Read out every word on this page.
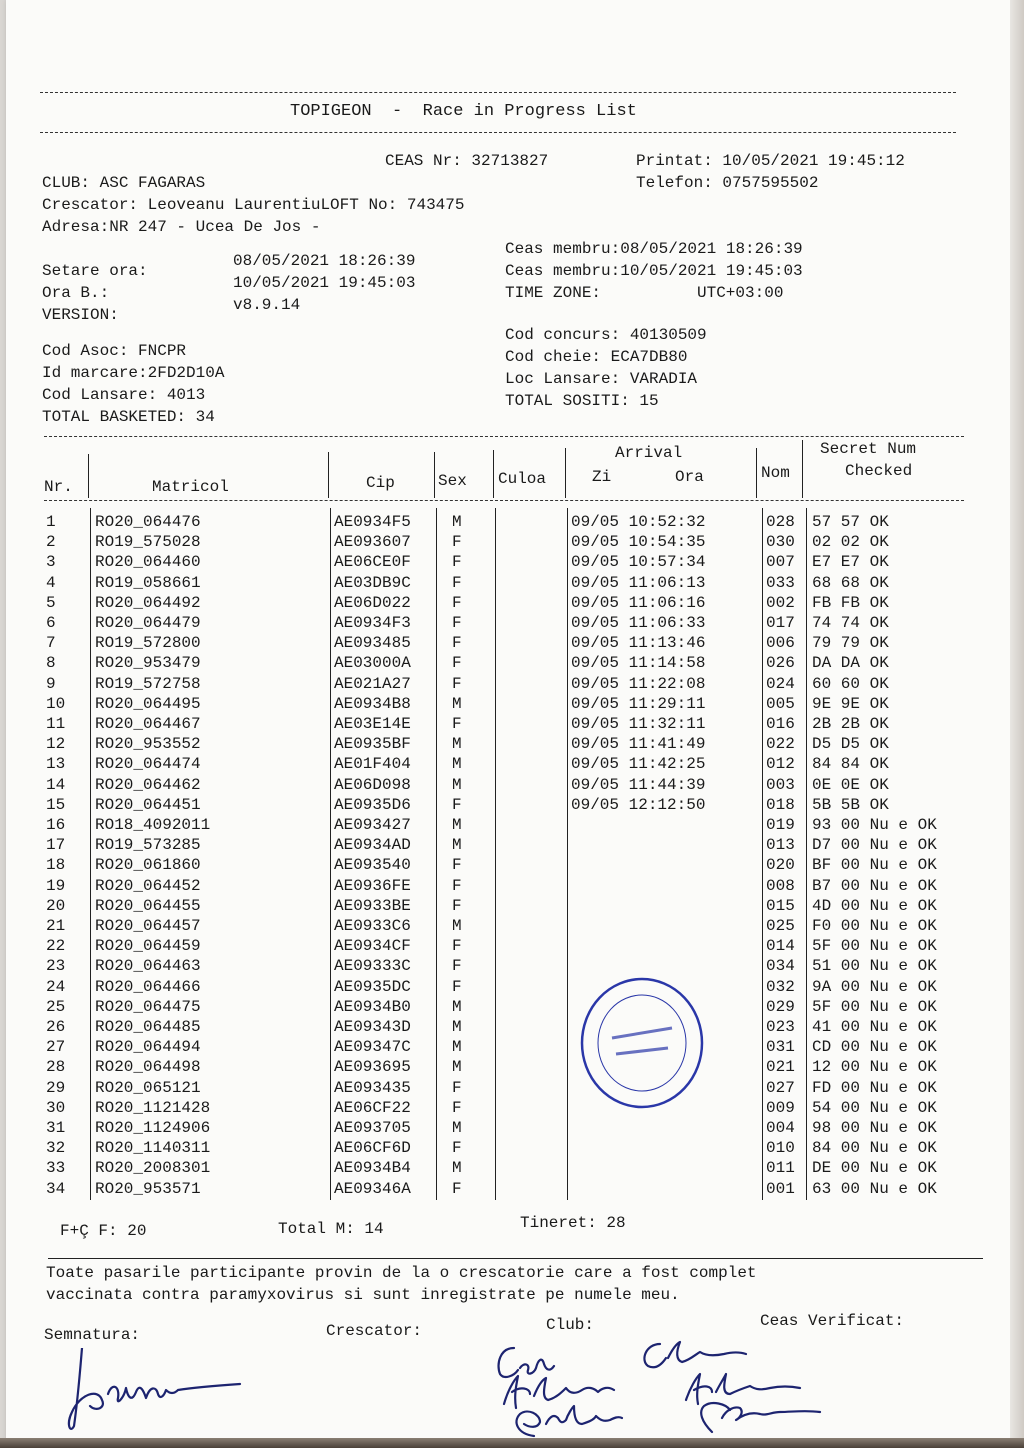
TOPIGEON  -  Race in Progress List
CEAS Nr: 32713827	Printat: 10/05/2021 19:45:12
CLUB: ASC FAGARAS	Telefon: 0757595502
Crescator: Leoveanu LaurentiuLOFT No: 743475
Adresa:NR 247 - Ucea De Jos -
Ceas membru:08/05/2021 18:26:39
Setare ora:
08/05/2021 18:26:39
Ceas membru:10/05/2021 19:45:03
Ora B.:
10/05/2021 19:45:03
TIME ZONE:	UTC+03:00
VERSION:
v8.9.14
Cod concurs: 40130509
Cod Asoc: FNCPR	Cod cheie: ECA7DB80
Id marcare:2FD2D10A	Loc Lansare: VARADIA
Cod Lansare: 4013	TOTAL SOSITI: 15
TOTAL BASKETED: 34
Nr.	Matricol	Cip	Sex Culoa
Arrival
Zi	Ora	Nom
Secret Num
Checked
1 RO20_064476	AE0934F5	M	09/05 10:52:32	028 57 57 OK
2 RO19_575028	AE093607	F	09/05 10:54:35	030 02 02 OK
3 RO20_064460	AE06CE0F	F	09/05 10:57:34	007 E7 E7 OK
4 RO19_058661	AE03DB9C	F	09/05 11:06:13	033 68 68 OK
5 RO20_064492	AE06D022	F	09/05 11:06:16	002 FB FB OK
6 RO20_064479	AE0934F3	F	09/05 11:06:33	017 74 74 OK
7 RO19_572800	AE093485	F	09/05 11:13:46	006 79 79 OK
8 RO20_953479	AE03000A	F	09/05 11:14:58	026 DA DA OK
9 RO19_572758	AE021A27	F	09/05 11:22:08	024 60 60 OK
10 RO20_064495	AE0934B8	M	09/05 11:29:11	005 9E 9E OK
11 RO20_064467	AE03E14E	F	09/05 11:32:11	016 2B 2B OK
12 RO20_953552	AE0935BF	M	09/05 11:41:49	022 D5 D5 OK
13 RO20_064474	AE01F404	M	09/05 11:42:25	012 84 84 OK
14 RO20_064462	AE06D098	M	09/05 11:44:39	003 0E 0E OK
15 RO20_064451	AE0935D6	F	09/05 12:12:50	018 5B 5B OK
16 RO18_4092011	AE093427	M	019 93 00 Nu e OK
17 RO19_573285	AE0934AD	M	013 D7 00 Nu e OK
18 RO20_061860	AE093540	F	020 BF 00 Nu e OK
19 RO20_064452	AE0936FE	F	008 B7 00 Nu e OK
20 RO20_064455	AE0933BE	F	015 4D 00 Nu e OK
21 RO20_064457	AE0933C6	M	025 F0 00 Nu e OK
22 RO20_064459	AE0934CF	F	014 5F 00 Nu e OK
23 RO20_064463	AE09333C	F	034 51 00 Nu e OK
24 RO20_064466	AE0935DC	F	032 9A 00 Nu e OK
25 RO20_064475	AE0934B0	M	029 5F 00 Nu e OK
26 RO20_064485	AE09343D	M	023 41 00 Nu e OK
27 RO20_064494	AE09347C	M	031 CD 00 Nu e OK
28 RO20_064498	AE093695	M	021 12 00 Nu e OK
29 RO20_065121	AE093435	F	027 FD 00 Nu e OK
30 RO20_1121428	AE06CF22	F	009 54 00 Nu e OK
31 RO20_1124906	AE093705	M	004 98 00 Nu e OK
32 RO20_1140311	AE06CF6D	F	010 84 00 Nu e OK
33 RO20_2008301	AE0934B4	M	011 DE 00 Nu e OK
34 RO20_953571	AE09346A	F	001 63 00 Nu e OK
F+Ç F: 20	Total M: 14	Tineret: 28
Toate pasarile participante provin de la o crescatorie care a fost complet
vaccinata contra paramyxovirus si sunt inregistrate pe numele meu.
Semnatura:	Crescator:	Club:	Ceas Verificat:
